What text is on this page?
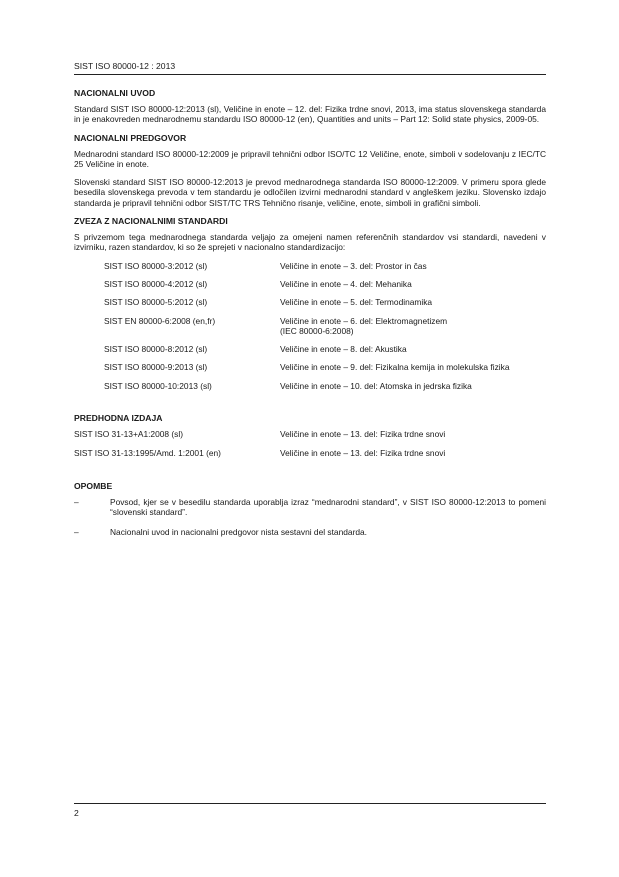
SIST ISO 80000-12 : 2013
NACIONALNI UVOD

Standard SIST ISO 80000-12:2013 (sl), Veličine in enote – 12. del: Fizika trdne snovi, 2013, ima status slovenskega standarda in je enakovreden mednarodnemu standardu ISO 80000-12 (en), Quantities and units – Part 12: Solid state physics, 2009-05.

NACIONALNI PREDGOVOR

Mednarodni standard ISO 80000-12:2009 je pripravil tehnični odbor ISO/TC 12 Veličine, enote, simboli v sodelovanju z IEC/TC 25 Veličine in enote.

Slovenski standard SIST ISO 80000-12:2013 je prevod mednarodnega standarda ISO 80000-12:2009. V primeru spora glede besedila slovenskega prevoda v tem standardu je odločilen izvirni mednarodni standard v angleškem jeziku. Slovensko izdajo standarda je pripravil tehnični odbor SIST/TC TRS Tehnično risanje, veličine, enote, simboli in grafični simboli.

ZVEZA Z NACIONALNIMI STANDARDI

S privzemom tega mednarodnega standarda veljajo za omejeni namen referenčnih standardov vsi standardi, navedeni v izvirniku, razen standardov, ki so že sprejeti v nacionalno standardizacijo:

SIST ISO 80000-3:2012 (sl)	Veličine in enote – 3. del: Prostor in čas
SIST ISO 80000-4:2012 (sl)	Veličine in enote – 4. del: Mehanika
SIST ISO 80000-5:2012 (sl)	Veličine in enote – 5. del: Termodinamika
SIST EN 80000-6:2008 (en,fr)	Veličine in enote – 6. del: Elektromagnetizem
(IEC 80000-6:2008)
SIST ISO 80000-8:2012 (sl)	Veličine in enote – 8. del: Akustika
SIST ISO 80000-9:2013 (sl)	Veličine in enote – 9. del: Fizikalna kemija in molekulska fizika
SIST ISO 80000-10:2013 (sl)	Veličine in enote – 10. del: Atomska in jedrska fizika
PREDHODNA IZDAJA
SIST ISO 31-13+A1:2008 (sl)	Veličine in enote – 13. del: Fizika trdne snovi
SIST ISO 31-13:1995/Amd. 1:2001 (en)	Veličine in enote – 13. del: Fizika trdne snovi
OPOMBE
–	Povsod, kjer se v besedilu standarda uporablja izraz “mednarodni standard”, v SIST ISO 80000-12:2013 to pomeni “slovenski standard”.
–	Nacionalni uvod in nacionalni predgovor nista sestavni del standarda.
2
